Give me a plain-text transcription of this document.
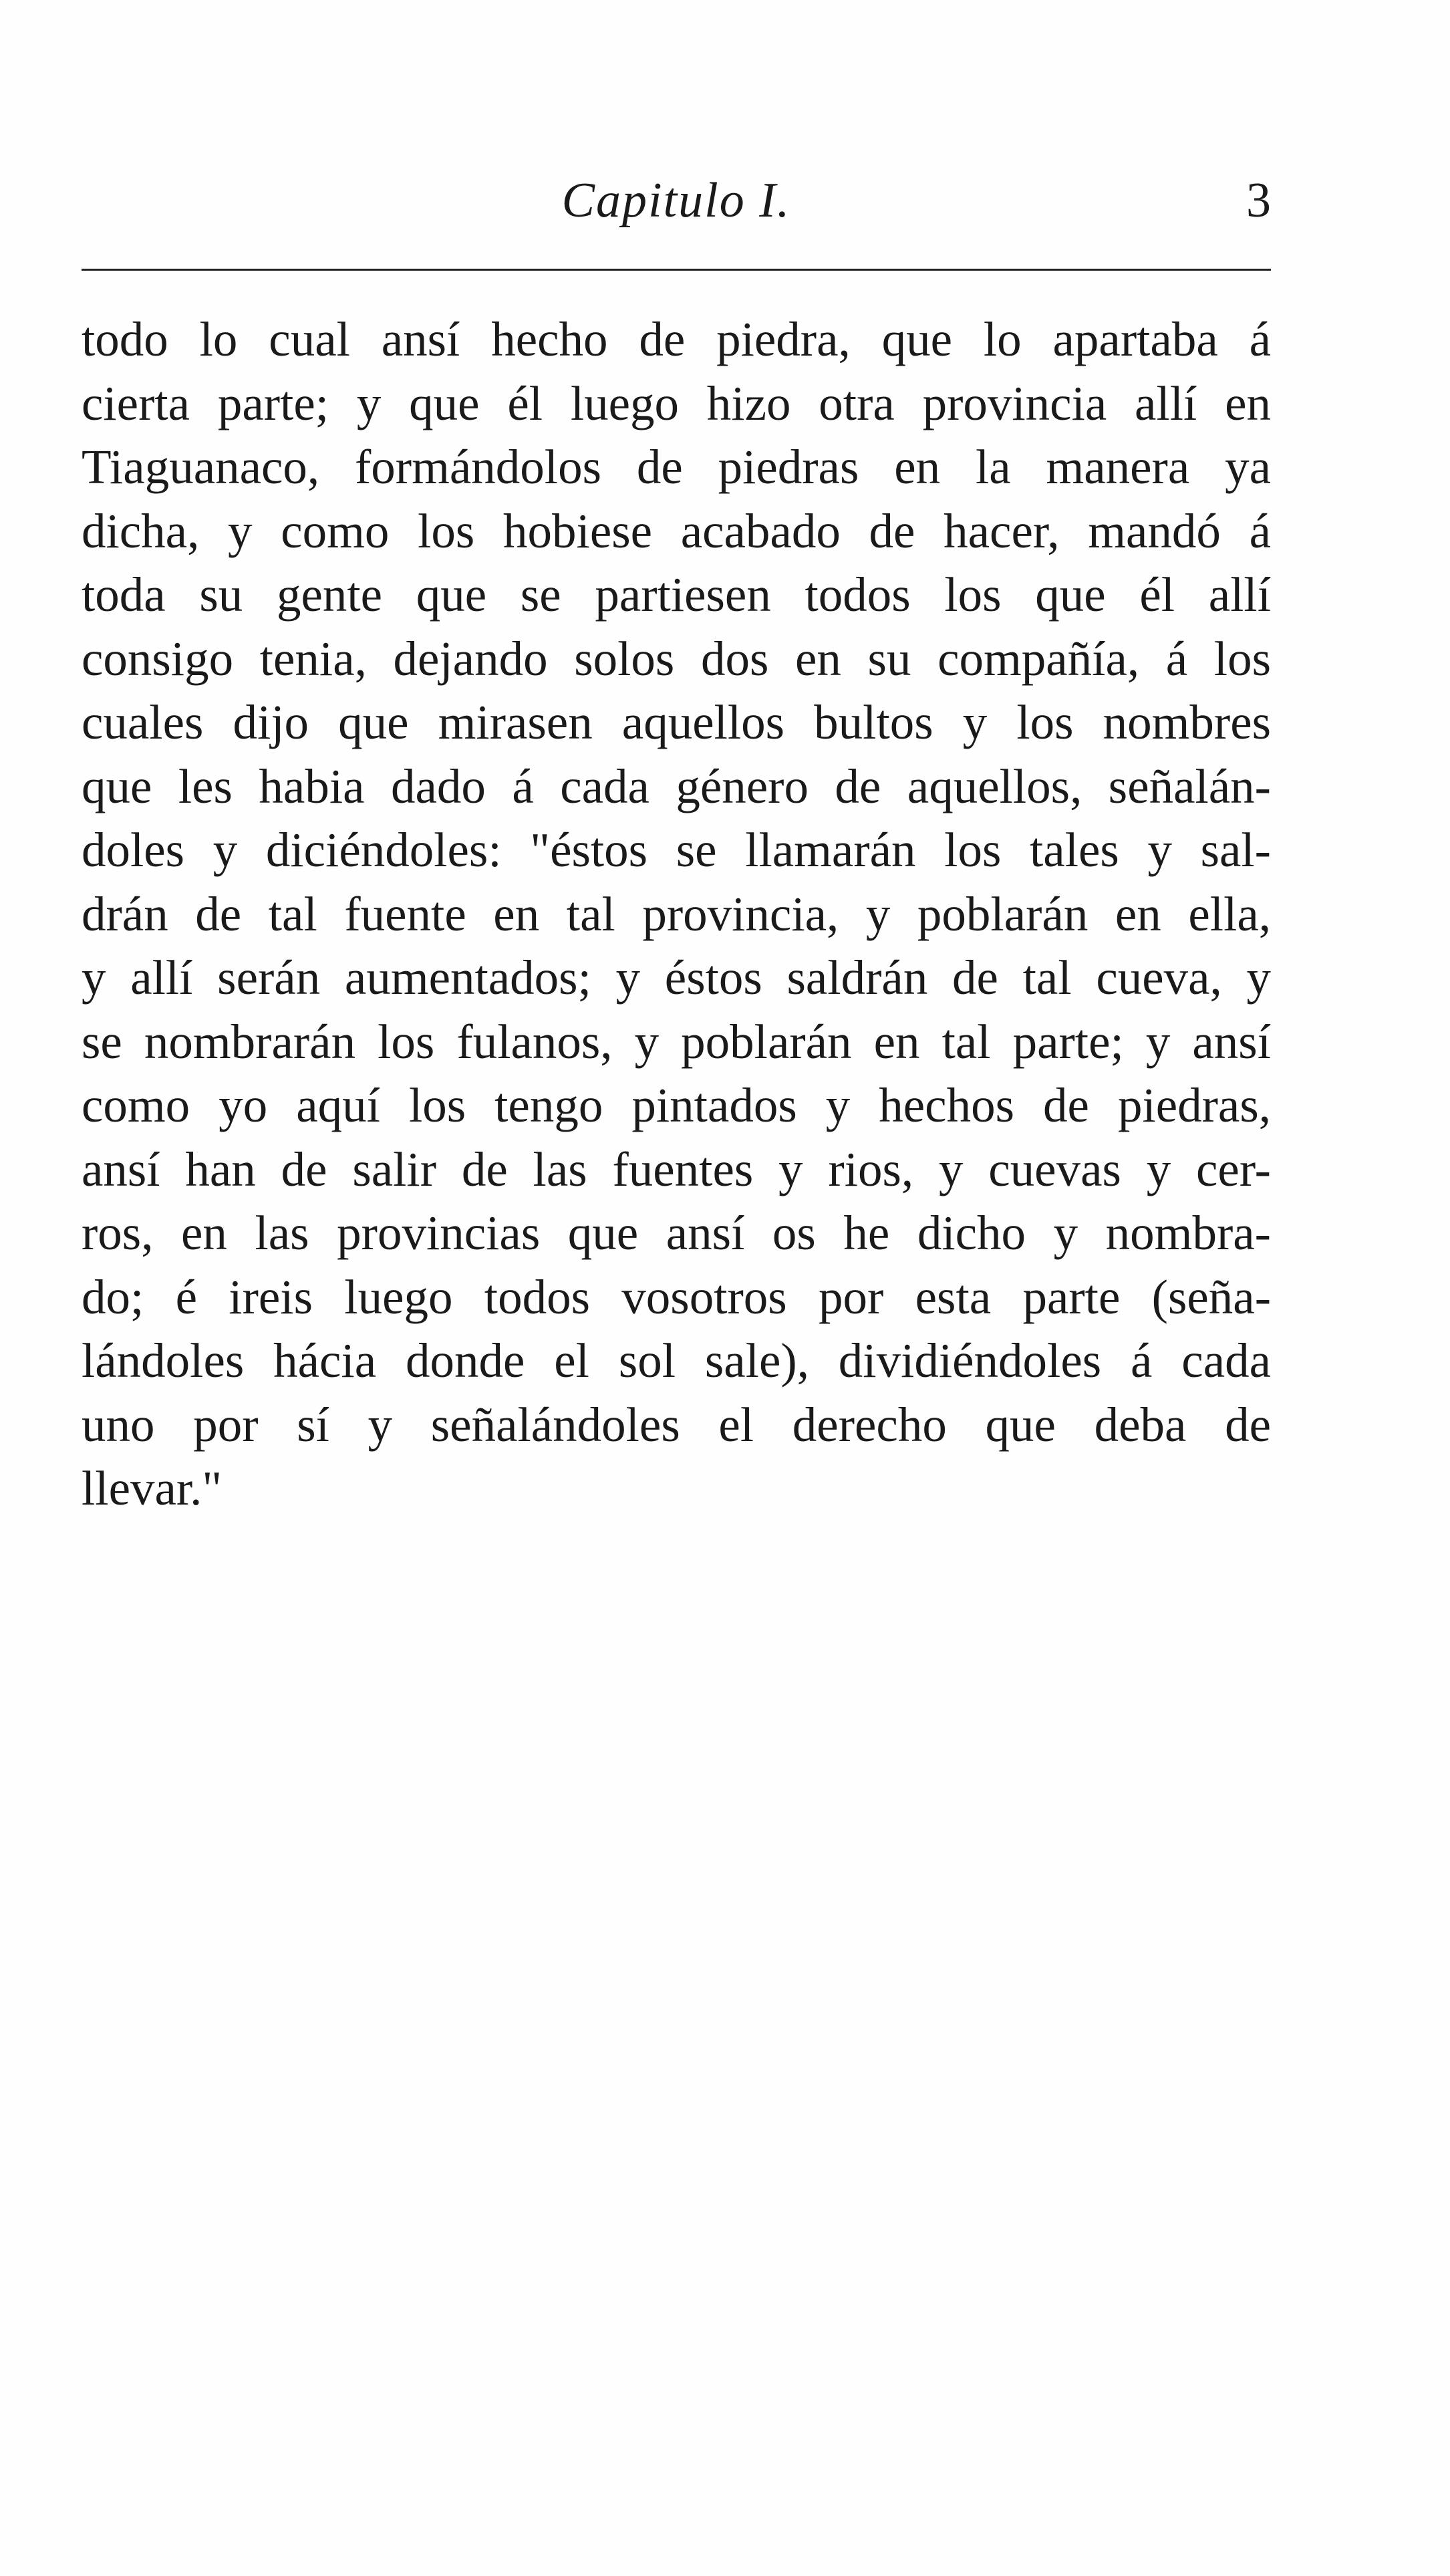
Capitulo I.	3
todo lo cual ansí hecho de piedra, que lo apartaba á
cierta parte; y que él luego hizo otra provincia allí en
Tiaguanaco, formándolos de piedras en la manera ya
dicha, y como los hobiese acabado de hacer, mandó á
toda su gente que se partiesen todos los que él allí
consigo tenia, dejando solos dos en su compañía, á los
cuales dijo que mirasen aquellos bultos y los nombres
que les habia dado á cada género de aquellos, señalán-
doles y diciéndoles: "éstos se llamarán los tales y sal-
drán de tal fuente en tal provincia, y poblarán en ella,
y allí serán aumentados; y éstos saldrán de tal cueva, y
se nombrarán los fulanos, y poblarán en tal parte; y ansí
como yo aquí los tengo pintados y hechos de piedras,
ansí han de salir de las fuentes y rios, y cuevas y cer-
ros, en las provincias que ansí os he dicho y nombra-
do; é ireis luego todos vosotros por esta parte (seña-
lándoles hácia donde el sol sale), dividiéndoles á cada
uno por sí y señalándoles el derecho que deba de
llevar."
